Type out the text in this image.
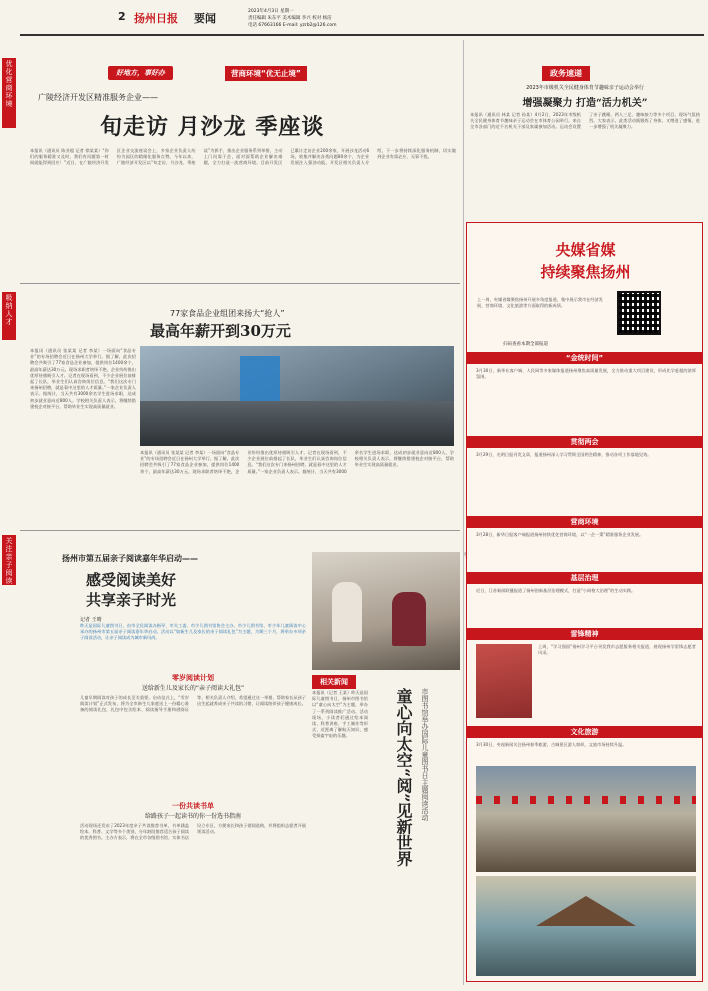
2 扬州日报 要闻
2023年4月3日 星期一
责任编辑 朱东平 美术编辑 李兴 校对 杨洁
电话 67663166 E-mail: yzrb2@126.com
优化营商环境
吸纳人才
关注亲子阅读
好地方，事好办	营商环境“优无止境”
广陵经济开发区精准服务企业——
旬走访 月沙龙 季座谈
本报讯（通讯员 陈业超 记者 徐某某）“你们的服务精准又及时，我们有问题第一时间就能得到回应！”近日，在广陵经济开发区企业交流座谈会上，多家企业负责人纷纷为园区的精细化服务点赞。今年以来，广陵经济开发区以“旬走访、月沙龙、季座谈”为抓手，推出企业服务系列举措，主动上门问需于企，面对面帮助企业解决难题，全力打造一流营商环境。目前开发区已累计走访企业200余家，开展沙龙活动6场，收集并解决各类问题80余个，为企业发展注入强劲动能。开发区相关负责人介绍，下一步将持续深化服务机制，切实做到企业有需必应、无事不扰。
77家食品企业组团来扬大“抢人”
最高年薪开到30万元
本报讯（通讯员 张某某 记者 李某）一场面向“食品专业”的专场招聘会近日在扬州大学举行。据了解，此次招聘会共吸引了77家食品企业参加，提供岗位1400余个，最高年薪达30万元。现场求职者络绎不绝，企业纷纷推出优厚待遇吸引人才。记者在现场看到，不少企业展位前排起了长队，毕业生们认真咨询岗位信息。“我们这次专门来扬州招聘，就是看中这里的人才质量。”一家企业负责人表示。据统计，当天共有3000余名学生进场求职，达成初步就业意向近800人。学校相关负责人表示，将继续搭建校企对接平台，帮助毕业生实现高质量就业。
本报讯（通讯员 张某某 记者 李某）一场面向“食品专业”的专场招聘会近日在扬州大学举行。据了解，此次招聘会共吸引了77家食品企业参加，提供岗位1400余个，最高年薪达30万元。现场求职者络绎不绝，企业纷纷推出优厚待遇吸引人才。记者在现场看到，不少企业展位前排起了长队，毕业生们认真咨询岗位信息。“我们这次专门来扬州招聘，就是看中这里的人才质量。”一家企业负责人表示。据统计，当天共有3000余名学生进场求职，达成初步就业意向近800人。学校相关负责人表示，将继续搭建校企对接平台，帮助毕业生实现高质量就业。
扬州市第五届亲子阅读嘉年华启动——
感受阅读美好
共享亲子时光
记者 王晴
昨天是国际儿童图书日，由市全民阅读办指导、市关工委、市少儿图书馆协会主办，市少儿图书馆、市少年儿童阅读中心承办的扬州市第五届亲子阅读嘉年华启动。活动以“如新生儿及家长的亲子阅读礼包”为主题，为期三个月，将举办多项亲子阅读活动，让亲子阅读成为城市新风尚。
零岁阅读计划
送给新生儿及家长的“亲子阅读大礼包”
儿童早期阅读对孩子的成长至关重要。启动仪式上，“零岁阅读计划”正式发布，将为全市新生儿家庭送上一份精心准备的阅读礼包，礼包中包含绘本、阅读指导手册和借阅证等。相关负责人介绍，希望通过这一举措，帮助家长从孩子出生起就养成亲子共读的习惯，让阅读陪伴孩子健康成长。
一份共读书单
给路孩子一起读书的你一份选书指南
活动现场还发布了2023年度亲子共读推荐书单，书单涵盖绘本、科普、文学等多个类别，分年龄段推荐适合孩子阅读的优秀图书。主办方表示，将在全市各级图书馆、实体书店设立专区，方便家长和孩子借阅选购，并将组织志愿者开展领读活动。
相关新闻
本报讯（记者 王某）昨天是国际儿童图书日，扬州市图书馆以“童心向太空”为主题，举办了一系列阅读推广活动。活动现场，小读者们通过绘本阅读、科普讲座、手工制作等形式，近距离了解航天知识，感受探索宇宙的乐趣。	童心向太空“阅”见新世界 市图书馆举办国际儿童图书日主题阅读活动
政务速递
2023年市级机关全民健身体育节趣味亲子运动会举行
增强凝聚力 打造“活力机关”
本报讯（通讯员 林某 记者 孙某）4月2日，2023年市级机关全民健身体育节趣味亲子运动会在市体育公园举行。来自全市各部门的近千名机关干部及家属参加活动。运动会设置了亲子跳绳、两人三足、趣味接力等多个项目，现场气氛热烈。大家表示，此类活动既锻炼了身体，又增进了感情，进一步增强了机关凝聚力。
央媒省媒
持续聚焦扬州
上一周，央媒省媒聚焦扬州开展多角度报道，集中展示我市在经济发展、营商环境、文化旅游等方面取得的新成绩。
扫码查看本期全部报道
“金统时间”
3月30日，新华社客户端、人民网等多家媒体报道扬州聚焦高质量发展，全力推动重大项目建设，形成比学赶超的浓厚氛围。
贯彻两会
3月29日，光明日报刊发文章，报道扬州深入学习贯彻全国两会精神，推动各项工作落地见效。
营商环境
3月28日，新华日报客户端报道扬州持续优化营商环境，以“一企一策”精准服务企业发展。
基层治理
近日，江苏新闻联播报道了扬州创新基层治理模式，打造“小网格大治理”的生动实践。
雷锋精神
上周，“学习强国”扬州学习平台刊发我市志愿服务相关报道，展现扬州学雷锋志愿者风采。
文化旅游
3月30日，央视新闻关注扬州春季旅游，古城景区游人如织，文旅市场持续升温。
